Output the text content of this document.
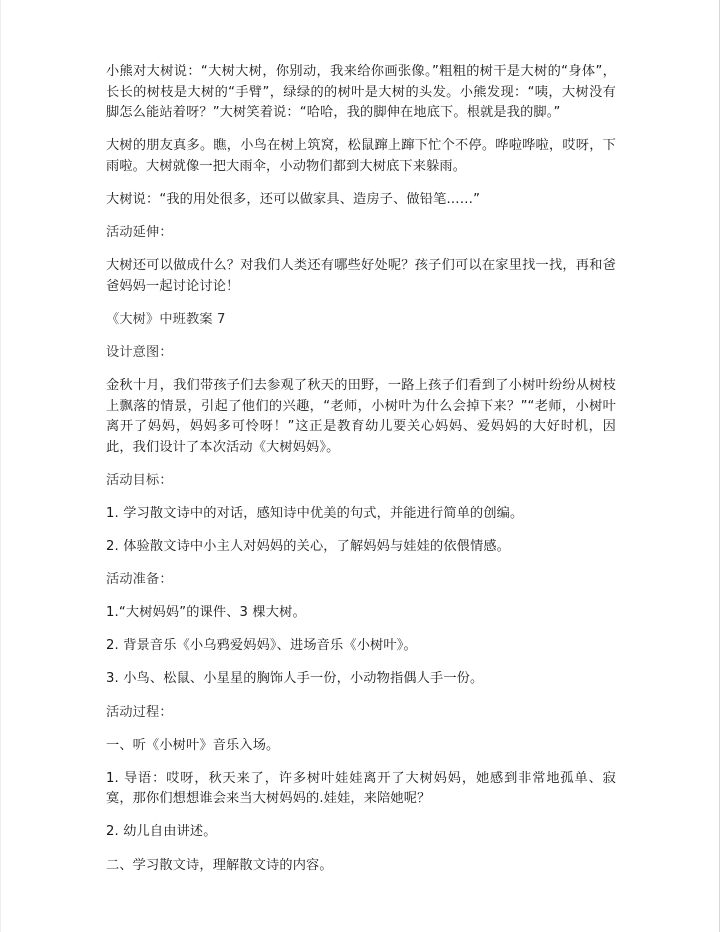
小熊对大树说：“大树大树，你别动，我来给你画张像。”粗粗的树干是大树的“身体”，长长的树枝是大树的“手臂”，绿绿的的树叶是大树的头发。小熊发现：“咦，大树没有脚怎么能站着呀？”大树笑着说：“哈哈，我的脚伸在地底下。根就是我的脚。”

大树的朋友真多。瞧，小鸟在树上筑窝，松鼠蹿上蹿下忙个不停。哗啦哗啦，哎呀，下雨啦。大树就像一把大雨伞，小动物们都到大树底下来躲雨。

大树说：“我的用处很多，还可以做家具、造房子、做铅笔……”

活动延伸：

大树还可以做成什么？对我们人类还有哪些好处呢？孩子们可以在家里找一找，再和爸爸妈妈一起讨论讨论！

《大树》中班教案 7

设计意图：

金秋十月，我们带孩子们去参观了秋天的田野，一路上孩子们看到了小树叶纷纷从树枝上飘落的情景，引起了他们的兴趣，“老师，小树叶为什么会掉下来？”“老师，小树叶离开了妈妈，妈妈多可怜呀！”这正是教育幼儿要关心妈妈、爱妈妈的大好时机，因此，我们设计了本次活动《大树妈妈》。

活动目标：

1. 学习散文诗中的对话，感知诗中优美的句式，并能进行简单的创编。

2. 体验散文诗中小主人对妈妈的关心，了解妈妈与娃娃的依偎情感。

活动准备：

1.“大树妈妈”的课件、3 棵大树。

2. 背景音乐《小乌鸦爱妈妈》、进场音乐《小树叶》。

3. 小鸟、松鼠、小星星的胸饰人手一份，小动物指偶人手一份。

活动过程：

一、听《小树叶》音乐入场。

1. 导语：哎呀，秋天来了，许多树叶娃娃离开了大树妈妈，她感到非常地孤单、寂寞，那你们想想谁会来当大树妈妈的.娃娃，来陪她呢？

2. 幼儿自由讲述。

二、学习散文诗，理解散文诗的内容。
